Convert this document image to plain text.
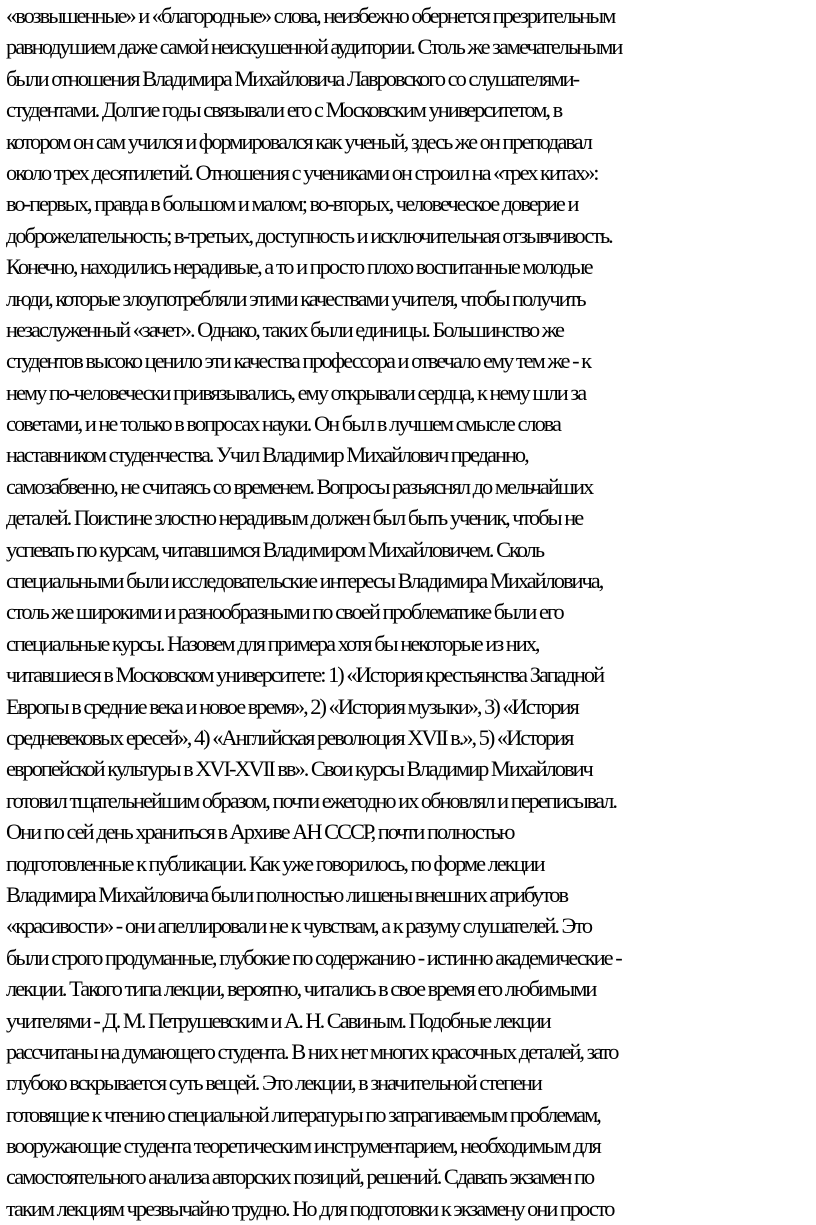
«возвышенные» и «благородные» слова, неизбежно обернется презрительным
равнодушием даже самой неискушенной аудитории. Столь же замечательными
были отношения Владимира Михайловича Лавровского со слушателями-
студентами. Долгие годы связывали его с Московским университетом, в
котором он сам учился и формировался как ученый, здесь же он преподавал
около трех десятилетий. Отношения с учениками он строил на «трех китах»:
во-первых, правда в большом и малом; во-вторых, человеческое доверие и
доброжелательность; в-третьих, доступность и исключительная отзывчивость.
Конечно, находились нерадивые, а то и просто плохо воспитанные молодые
люди, которые злоупотребляли этими качествами учителя, чтобы получить
незаслуженный «зачет». Однако, таких были единицы. Большинство же
студентов высоко ценило эти качества профессора и отвечало ему тем же - к
нему по-человечески привязывались, ему открывали сердца, к нему шли за
советами, и не только в вопросах науки. Он был в лучшем смысле слова
наставником студенчества. Учил Владимир Михайлович преданно,
самозабвенно, не считаясь со временем. Вопросы разъяснял до мельчайших
деталей. Поистине злостно нерадивым должен был быть ученик, чтобы не
успевать по курсам, читавшимся Владимиром Михайловичем. Сколь
специальными были исследовательские интересы Владимира Михайловича,
столь же широкими и разнообразными по своей проблематике были его
специальные курсы. Назовем для примера хотя бы некоторые из них,
читавшиеся в Московском университете: 1) «История крестьянства Западной
Европы в средние века и новое время», 2) «История музыки», 3) «История
средневековых ересей», 4) «Английская революция XVII в.», 5) «История
европейской культуры в XVI-XVII вв». Свои курсы Владимир Михайлович
готовил тщательнейшим образом, почти ежегодно их обновлял и переписывал.
Они по сей день храниться в Архиве АН СССР, почти полностью
подготовленные к публикации. Как уже говорилось, по форме лекции
Владимира Михайловича были полностью лишены внешних атрибутов
«красивости» - они апеллировали не к чувствам, а к разуму слушателей. Это
были строго продуманные, глубокие по содержанию - истинно академические -
лекции. Такого типа лекции, вероятно, читались в свое время его любимыми
учителями - Д. М. Петрушевским и А. Н. Савиным. Подобные лекции
рассчитаны на думающего студента. В них нет многих красочных деталей, зато
глубоко вскрывается суть вещей. Это лекции, в значительной степени
готовящие к чтению специальной литературы по затрагиваемым проблемам,
вооружающие студента теоретическим инструментарием, необходимым для
самостоятельного анализа авторских позиций, решений. Сдавать экзамен по
таким лекциям чрезвычайно трудно. Но для подготовки к экзамену они просто
